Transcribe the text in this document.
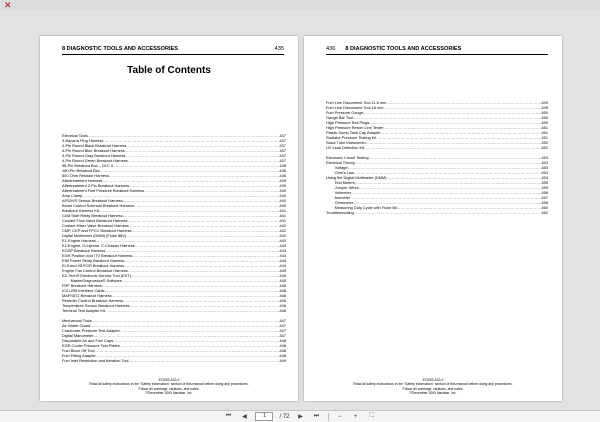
✕
8 DIAGNOSTIC TOOLS AND ACCESSORIES	435
Table of Contents
Electrical Tools .....	437
3-Banana Plug Harness .....	437
4-Pin Round Black Breakout Harness .....	437
4-Pin Round Blue Breakout Harness .....	437
4-Pin Round Gray Breakout Harness .....	437
4-Pin Round Green Breakout Harness .....	437
96-Pin Breakout Box – DLC II .....	438
180-Pin Breakout Box .....	438
500 Ohm Resistor Harness .....	438
Aftertreatment Harness .....	439
Aftertreatment 2-Pin Breakout Harness .....	439
Aftertreatment Fuel Pressure Breakout Harness .....	440
Amp Clamp .....	440
APS/IVS Sensor Breakout Harness .....	440
Boost Control Solenoid Breakout Harness .....	440
Breakout Harness Kit .....	441
Cold Start Relay Breakout Harness .....	441
Coolant Flow Valve Breakout Harness .....	441
Coolant Mixer Valve Breakout Harness .....	442
CMP, CKP and FPCV Breakout Harness .....	442
Digital Multimeter (DMM) (Fluke 88V) .....	442
E1-Engine Harness .....	443
E2-Engine, D-Injector, C-Chassis Harness .....	443
EGDP Breakout Harness .....	443
EGR Position and ITV Breakout Harness .....	443
EIM Power Relay Breakout Harness .....	444
EL5 and V8 EGR Breakout Harness .....	444
Engine Fan Control Breakout Harness .....	445
EZ-Tech® Electronic Service Tool (EST) .....	445
MasterDiagnostics® Software .....	445
FRP Breakout Harness .....	445
IC4 USB Interface Cable .....	446
MAP/IAT2 Breakout Harness .....	446
Retarder Control Breakout Harness .....	446
Temperature Sensor Breakout Harness .....	446
Terminal Test Adapter Kit .....	446
Mechanical Tools .....	447
Air Intake Guard .....	447
Crankcase Pressure Test Adapter .....	447
Digital Manometer .....	447
Disposable Air and Fuel Caps .....	448
EGR Cooler Pressure Test Plates .....	448
Fuel Block Off Tool .....	448
Fuel Fitting Adapter .....	448
Fuel Inlet Restriction and Aeration Tool .....	449
EOS03-420-2
Read all safety instructions in the "Safety Information" section of this manual before doing any procedures.
Follow all warnings, cautions, and notes.
©December 2009 Navistar, Inc.
436 8 DIAGNOSTIC TOOLS AND ACCESSORIES
Fuel Line Disconnect Tool 11.8 mm .....	449
Fuel Line Disconnect Tool 16 mm .....	449
Fuel Pressure Gauge .....	450
Gauge Bar Tool .....	450
High Pressure Rail Plugs .....	450
High Pressure Return Line Tester .....	451
Plastic Sump Tank Cap Adapter .....	451
Radiator Pressure Testing Kit .....	451
Slack Tube Manometer .....	452
UV Leak Detection Kit .....	452
Electronic Circuit Testing .....	453
Electrical Theory .....	453
Voltage .....	453
Ohm's Law .....	453
Using the Digital Multimeter (DMM) .....	454
Test Meters .....	455
Jumper Wires .....	455
Voltmeter .....	456
Ammeter .....	457
Ohmmeter .....	458
Measuring Duty Cycle with Fluke 88 .....	460
Troubleshooting .....	462
EOS03-420-2
Read all safety instructions in the "Safety Information" section of this manual before doing any procedures.
Follow all warnings, cautions, and notes.
©December 2009 Navistar, Inc.
⏮	◀	1	/ 72	▶	⏭	−	+	⛶
